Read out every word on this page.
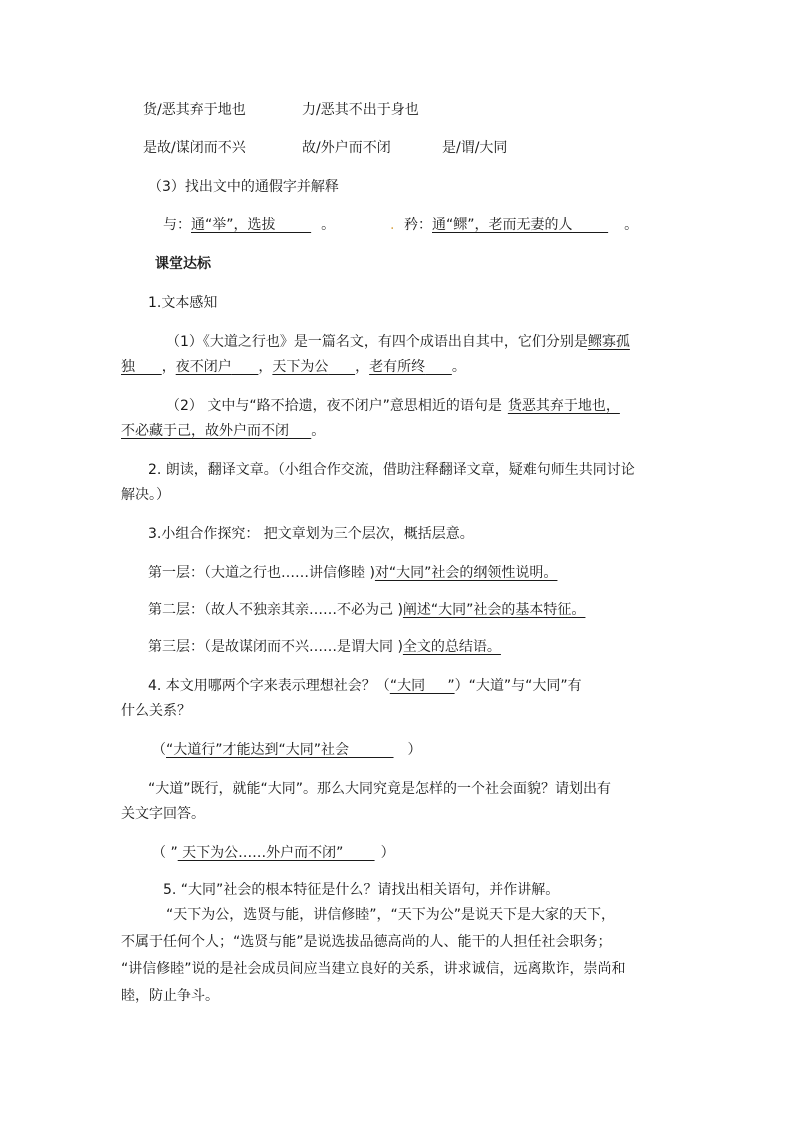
货/恶其弃于地也	力/恶其不出于身也
是故/谋闭而不兴	故/外户而不闭	是/谓/大同
（3）找出文中的通假字并解释
与：通“举”，选拔	。	. 矜：通“鳏”，老而无妻的人	。
课堂达标
1.文本感知
（1）《大道之行也》是一篇名文，有四个成语出自其中，它们分别是鳏寡孤
独 ，夜不闭户 ，天下为公 ，老有所终 。
（2） 文中与“路不拾遗，夜不闭户”意思相近的语句是 货恶其弃于地也，
不必藏于己，故外户而不闭 。
2. 朗读，翻译文章。（小组合作交流，借助注释翻译文章，疑难句师生共同讨论
解决。）
3.小组合作探究： 把文章划为三个层次，概括层意。
第一层：（大道之行也……讲信修睦 )对“大同”社会的纲领性说明。
第二层：（故人不独亲其亲……不必为己 )阐述“大同”社会的基本特征。
第三层：（是故谋闭而不兴……是谓大同 )全文的总结语。
4. 本文用哪两个字来表示理想社会？（“大同     ”）“大道”与“大同”有
什么关系？
（“大道行”才能达到“大同”社会          ）
“大道”既行，就能“大同”。那么大同究竟是怎样的一个社会面貌？请划出有
关文字回答。
（ ” 天下为公……外户而不闭”       ）
5. “大同”社会的根本特征是什么？请找出相关语句，并作讲解。
“天下为公，选贤与能，讲信修睦”，“天下为公”是说天下是大家的天下，
不属于任何个人；“选贤与能”是说选拔品德高尚的人、能干的人担任社会职务；
“讲信修睦”说的是社会成员间应当建立良好的关系，讲求诚信，远离欺诈，崇尚和
睦，防止争斗。
